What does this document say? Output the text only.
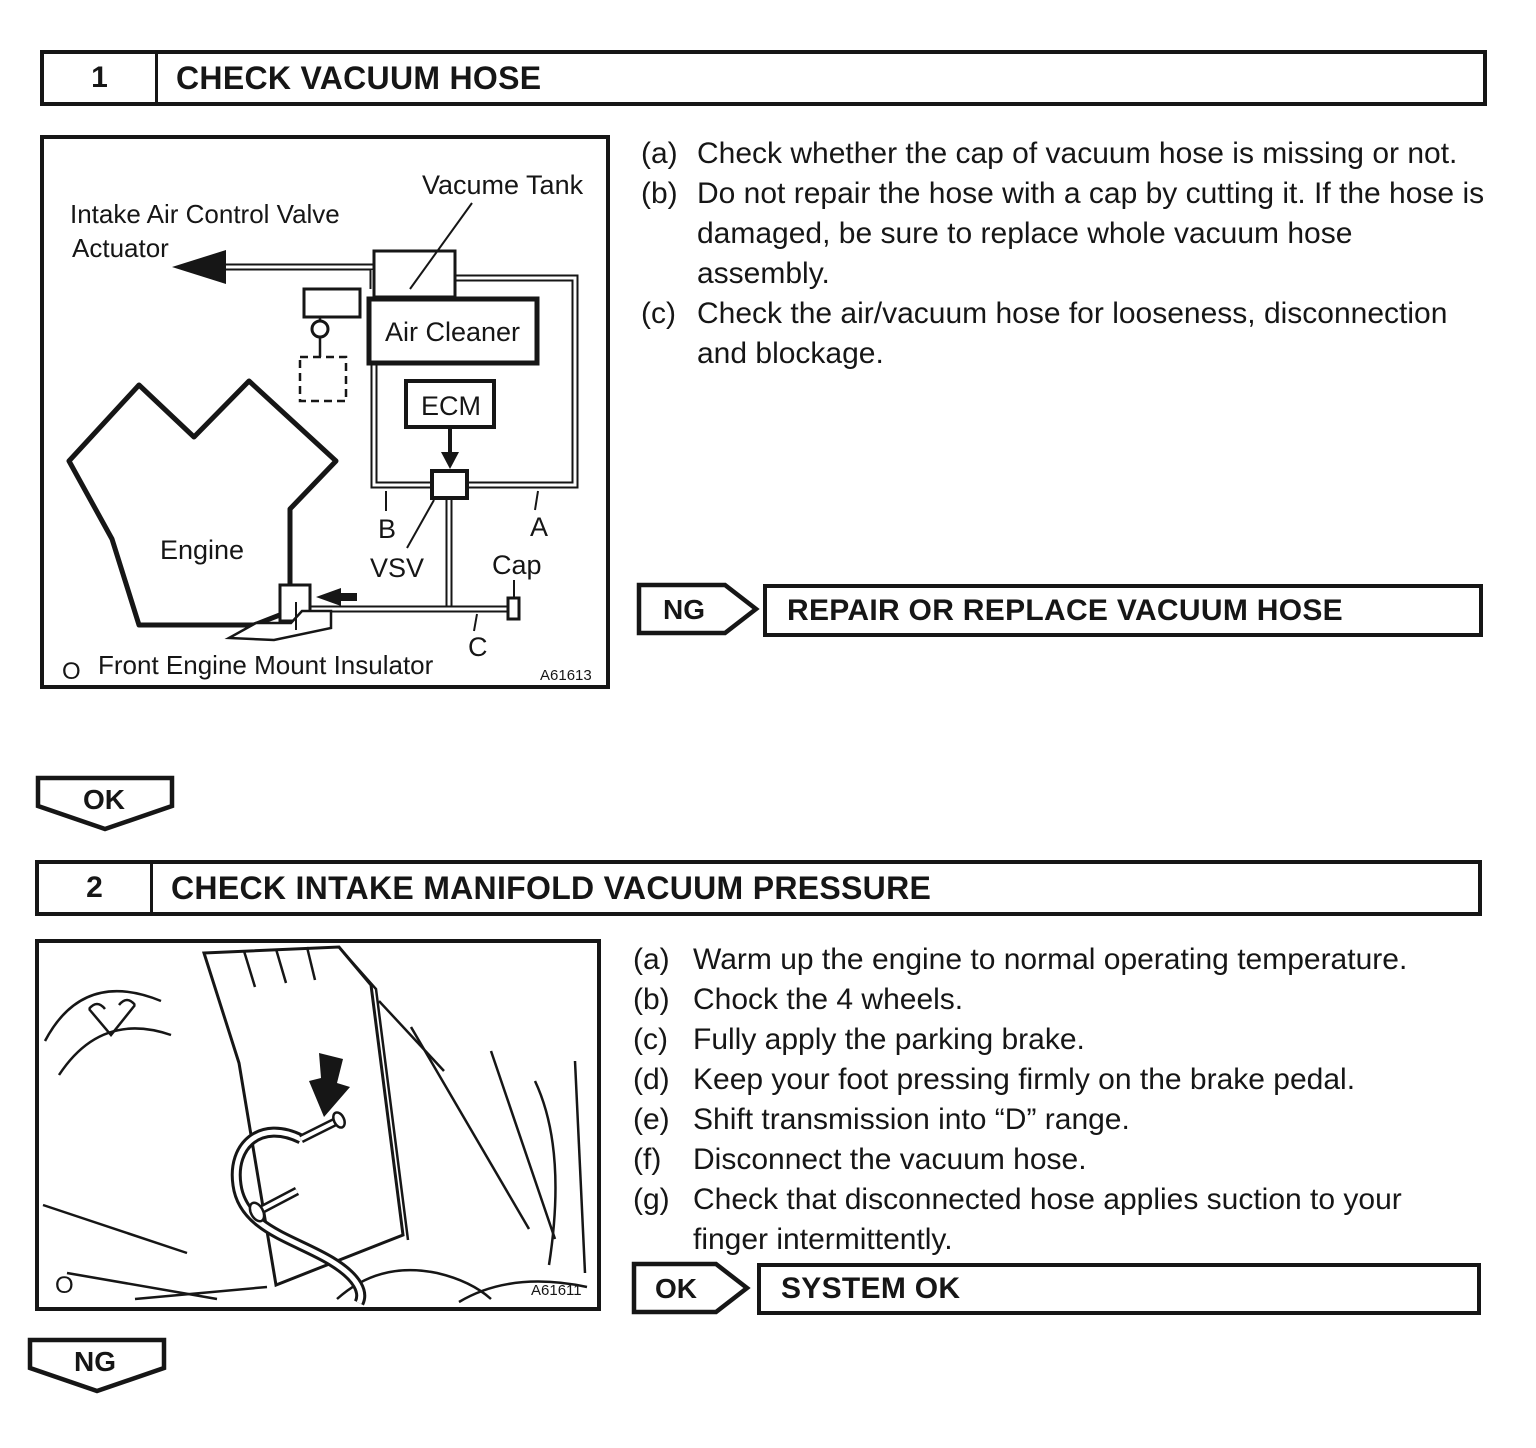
1	CHECK VACUUM HOSE
Intake Air Control Valve
Actuator
Vacume Tank
Air Cleaner
ECM
Engine
B	A
VSV	Cap
C
Front Engine Mount Insulator
O	A61613
(a) Check whether the cap of vacuum hose is missing or not.
(b) Do not repair the hose with a cap by cutting it. If the hose is damaged, be sure to replace whole vacuum hose assembly.
(c) Check the air/vacuum hose for looseness, disconnection and blockage.
NG	REPAIR OR REPLACE VACUUM HOSE
OK
2	CHECK INTAKE MANIFOLD VACUUM PRESSURE
O	A61611
(a) Warm up the engine to normal operating temperature.
(b) Chock the 4 wheels.
(c) Fully apply the parking brake.
(d) Keep your foot pressing firmly on the brake pedal.
(e) Shift transmission into “D” range.
(f)	Disconnect the vacuum hose.
(g) Check that disconnected hose applies suction to your finger intermittently.
OK	SYSTEM OK
NG
